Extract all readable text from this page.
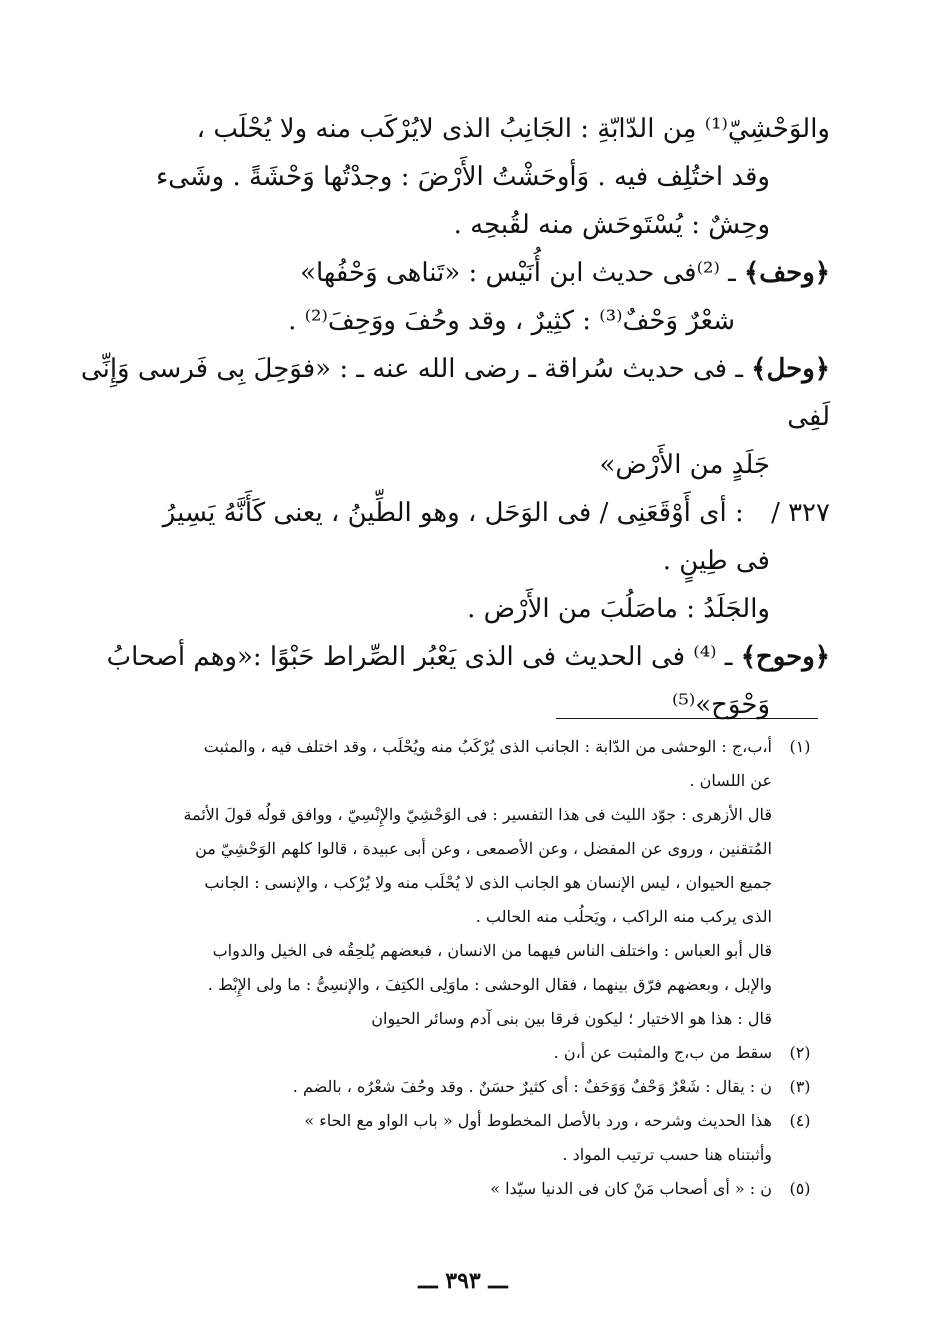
والوَحْشِيّ⁽¹⁾ مِن الدّابّةِ : الجَانِبُ الذى لايُرْكَب منه ولا يُحْلَب ،

وقد اختُلِف فيه . وَأوحَشْتُ الأَرْضَ : وجدْتُها وَحْشَةً . وشَىء

وحِشٌ : يُسْتَوحَش منه لقُبحِه .

﴿وحف﴾ ـ ⁽²⁾فى حديث ابن أُنَيْس : «تَناهى وَحْفُها»

شعْرٌ وَحْفٌ⁽³⁾ : كثِيرٌ ، وقد وحُفَ ووَحِفَ⁽²⁾ .

﴿وحل﴾ ـ فى حديث سُراقة ـ رضى الله عنه ـ : «فوَحِلَ بِى فَرسى وَإِنِّى لَفِى

جَلَدٍ من الأَرْض»

٣٢٧ / : أى أَوْقَعَنِى / فى الوَحَل ، وهو الطِّينُ ، يعنى كَأَنَّهُ يَسِيرُ

فى طِينٍ .

والجَلَدُ : ماصَلُبَ من الأَرْض .

﴿وحوح﴾ ـ ⁽⁴⁾ فى الحديث فى الذى يَعْبُر الصِّراط حَبْوًا :«وهم أصحابُ

وَحْوَح»⁽⁵⁾

(١)

أ،ب،ج : الوحشى من الدّابة : الجانب الذى يُرْكَبُ منه ويُحْلَب ، وقد اختلف فيه ، والمثبت

عن اللسان .

قال الأزهرى : جوّد الليث فى هذا التفسير : فى الوَحْشِيّ والإِنْسِيّ ، ووافق قولُه قولَ الأئمة

المُتقنين ، وروى عن المفضل ، وعن الأصمعى ، وعن أبى عبيدة ، قالوا كلهم الوَحْشِيّ من

جميع الحيوان ، ليس الإنسان هو الجانب الذى لا يُحْلَب منه ولا يُرْكب ، والإنسى : الجانب

الذى يركب منه الراكب ، ويَحلُب منه الحالب .

قال أبو العباس : واختلف الناس فيهما من الانسان ، فبعضهم يُلحِقُه فى الخيل والدواب

والإبل ، وبعضهم فرّق بينهما ، فقال الوحشى : ماوَلِى الكتِفَ ، والإنسِىُّ : ما ولى الإِبْط .

قال : هذا هو الاختيار ؛ ليكون فرقا بين بنى آدم وسائر الحيوان

(٢)

سقط من ب،ج والمثبت عن أ،ن .

(٣)

ن : يقال : شَعْرٌ وَحْفٌ وَوَحَفٌ : أى كثيرٌ حسَنٌ . وقد وحُفَ شعْرُه ، بالضم .

(٤)

هذا الحديث وشرحه ، ورد بالأصل المخطوط أول « باب الواو مع الحاء »

وأثبتناه هنا حسب ترتيب المواد .

(٥)

ن : « أى أصحاب مَنْ كان فى الدنيا سيّدا »

ـــ ٣٩٣ ـــ
